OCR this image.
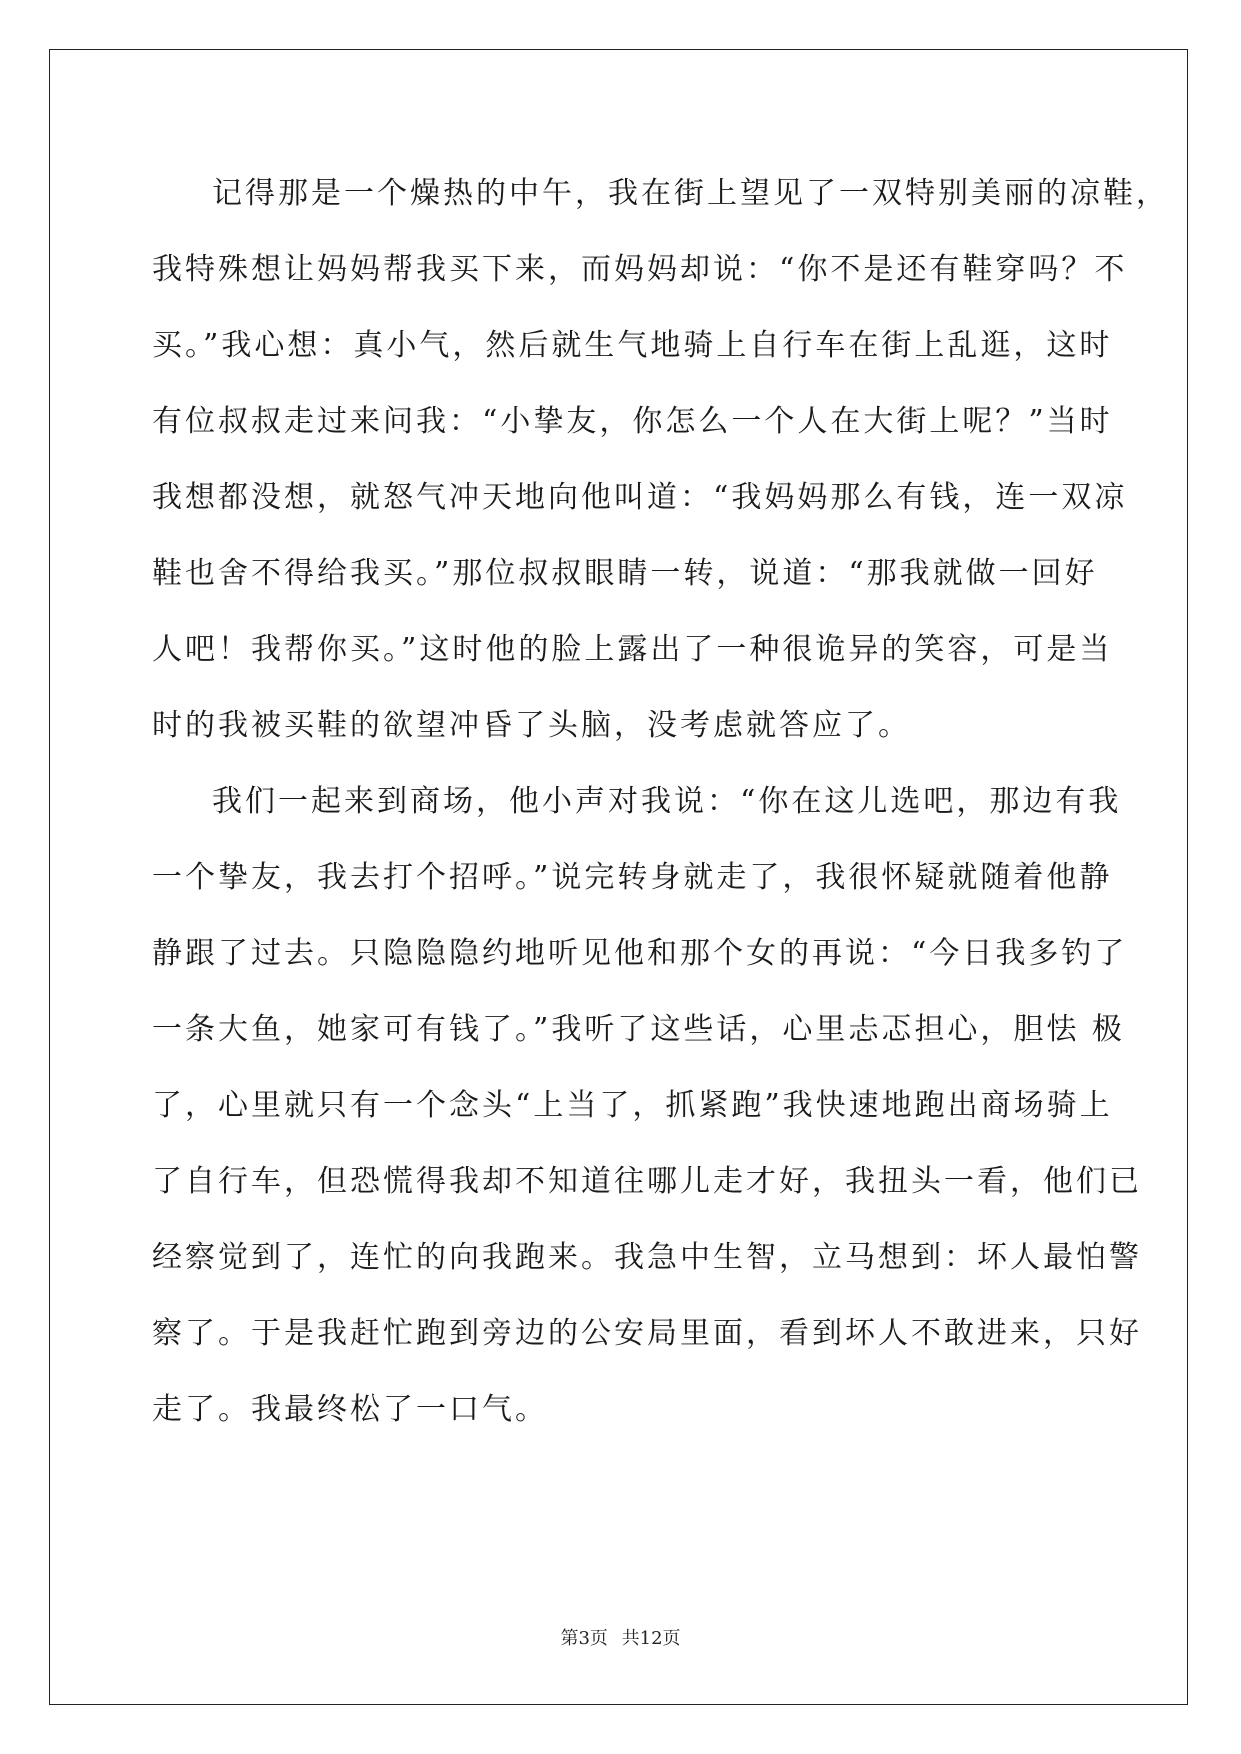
记得那是一个燥热的中午，我在街上望见了一双特别美丽的凉鞋，
我特殊想让妈妈帮我买下来，而妈妈却说：“你不是还有鞋穿吗？不
买。”我心想：真小气，然后就生气地骑上自行车在街上乱逛，这时
有位叔叔走过来问我：“小挚友，你怎么一个人在大街上呢？”当时
我想都没想，就怒气冲天地向他叫道：“我妈妈那么有钱，连一双凉
鞋也舍不得给我买。”那位叔叔眼睛一转，说道：“那我就做一回好
人吧！我帮你买。”这时他的脸上露出了一种很诡异的笑容，可是当
时的我被买鞋的欲望冲昏了头脑，没考虑就答应了。
我们一起来到商场，他小声对我说：“你在这儿选吧，那边有我
一个挚友，我去打个招呼。”说完转身就走了，我很怀疑就随着他静
静跟了过去。只隐隐隐约地听见他和那个女的再说：“今日我多钓了
一条大鱼，她家可有钱了。”我听了这些话，心里忐忑担心，胆怯 极
了，心里就只有一个念头“上当了，抓紧跑”我快速地跑出商场骑上
了自行车，但恐慌得我却不知道往哪儿走才好，我扭头一看，他们已
经察觉到了，连忙的向我跑来。我急中生智，立马想到：坏人最怕警
察了。于是我赶忙跑到旁边的公安局里面，看到坏人不敢进来，只好
走了。我最终松了一口气。
第3页 共12页
